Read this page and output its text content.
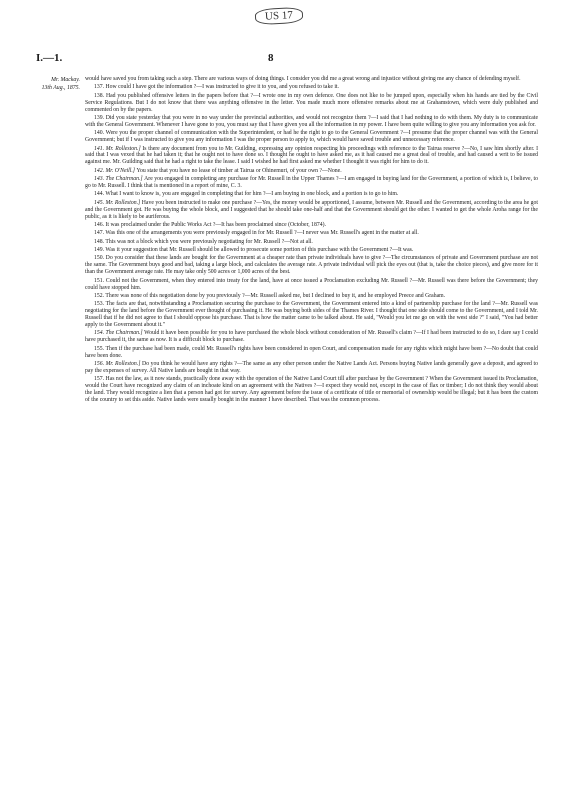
US 17
I.—1.	8
Mr. Mackay.
13th Aug., 1875.

would have saved you from taking such a step. There are various ways of doing things. I consider you did me a great wrong and injustice without giving me any chance of defending myself.

137. How could I have got the information ?—I was instructed to give it to you, and you refused to take it.

138. Had you published offensive letters in the papers before that ?—I wrote one in my own defence. One does not like to be jumped upon, especially when his hands are tied by the Civil Service Regulations. But I do not know that there was anything offensive in the letter. You made much more offensive remarks about me at Grahamstown, which were duly published and commented on by the papers.

139. Did you state yesterday that you were in no way under the provincial authorities, and would not recognize them ?—I said that I had nothing to do with them. My duty is to communicate with the General Government. Whenever I have gone to you, you must say that I have given you all the information in my power. I have been quite willing to give you any information you ask for.

140. Were you the proper channel of communication with the Superintendent, or had he the right to go to the General Government ?—I presume that the proper channel was with the General Government; but if I was instructed to give you any information I was the proper person to apply to, which would have saved trouble and unnecessary reference.

141. Mr. Rolleston.] Is there any document from you to Mr. Guilding, expressing any opinion respecting his proceedings with reference to the Tairua reserve ?—No, I saw him shortly after. I said that I was vexed that he had taken it; that he ought not to have done so. I thought he ought to have asked me, as it had caused me a great deal of trouble, and had caused a writ to be issued against me. Mr. Guilding said that he had a right to take the lease. I said I wished he had first asked me whether I thought it was right for him to do it.

142. Mr. O'Neill.] You state that you have no lease of timber at Tairua or Ohinemuri, of your own ?—None.

143. The Chairman.] Are you engaged in completing any purchase for Mr. Russell in the Upper Thames ?—I am engaged in buying land for the Government, a portion of which is, I believe, to go to Mr. Russell. I think that is mentioned in a report of mine, C. 3.

144. What I want to know is, you are engaged in completing that for him ?—I am buying in one block, and a portion is to go to him.

145. Mr. Rolleston.] Have you been instructed to make one purchase ?—Yes, the money would be apportioned, I assume, between Mr. Russell and the Government, according to the area he got and the Government got. He was buying the whole block, and I suggested that he should take one-half and that the Government should get the other. I wanted to get the whole Aroha range for the public, as it is likely to be auriferous.

146. It was proclaimed under the Public Works Act ?—It has been proclaimed since (October, 1874).

147. Was this one of the arrangements you were previously engaged in for Mr. Russell ?—I never was Mr. Russell's agent in the matter at all.

148. This was not a block which you were previously negotiating for Mr. Russell ?—Not at all.

149. Was it your suggestion that Mr. Russell should be allowed to prosecute some portion of this purchase with the Government ?—It was.

150. Do you consider that these lands are bought for the Government at a cheaper rate than private individuals have to give ?—The circumstances of private and Government purchase are not the same. The Government buys good and bad, taking a large block, and calculates the average rate. A private individual will pick the eyes out (that is, take the choice pieces), and give more for it than the Government average rate. He may take only 500 acres or 1,000 acres of the best.

151. Could not the Government, when they entered into treaty for the land, have at once issued a Proclamation excluding Mr. Russell ?—Mr. Russell was there before the Government; they could have stopped him.

152. There was none of this negotiation done by you previously ?—Mr. Russell asked me, but I declined to buy it, and he employed Preece and Graham.

153. The facts are that, notwithstanding a Proclamation securing the purchase to the Government, the Government entered into a kind of partnership purchase for the land ?—Mr. Russell was negotiating for the land before the Government ever thought of purchasing it. He was buying both sides of the Thames River. I thought that one side should come to the Government, and I told Mr. Russell that if he did not agree to that I should oppose his purchase. That is how the matter came to be talked about. He said, "Would you let me go on with the west side ?" I said, "You had better apply to the Government about it."

154. The Chairman.] Would it have been possible for you to have purchased the whole block without consideration of Mr. Russell's claim ?—If I had been instructed to do so, I dare say I could have purchased it, the same as now. It is a difficult block to purchase.

155. Then if the purchase had been made, could Mr. Russell's rights have been considered in open Court, and compensation made for any rights which might have been ?—No doubt that could have been done.

156. Mr. Rolleston.] Do you think he would have any rights ?—The same as any other person under the Native Lands Act. Persons buying Native lands generally gave a deposit, and agreed to pay the expenses of survey. All Native lands are bought in that way.

157. Has not the law, as it now stands, practically done away with the operation of the Native Land Court till after purchase by the Government ? When the Government issued its Proclamation, would the Court have recognized any claim of an inchoate kind on an agreement with the Natives ?—I expect they would not, except in the case of flax or timber; I do not think they would about the land. They would recognize a lien that a person had got for survey. Any agreement before the issue of a certificate of title or memorial of ownership would be illegal; but it has been the custom of the country to set this aside. Native lands were usually bought in the manner I have described. That was the common process.
